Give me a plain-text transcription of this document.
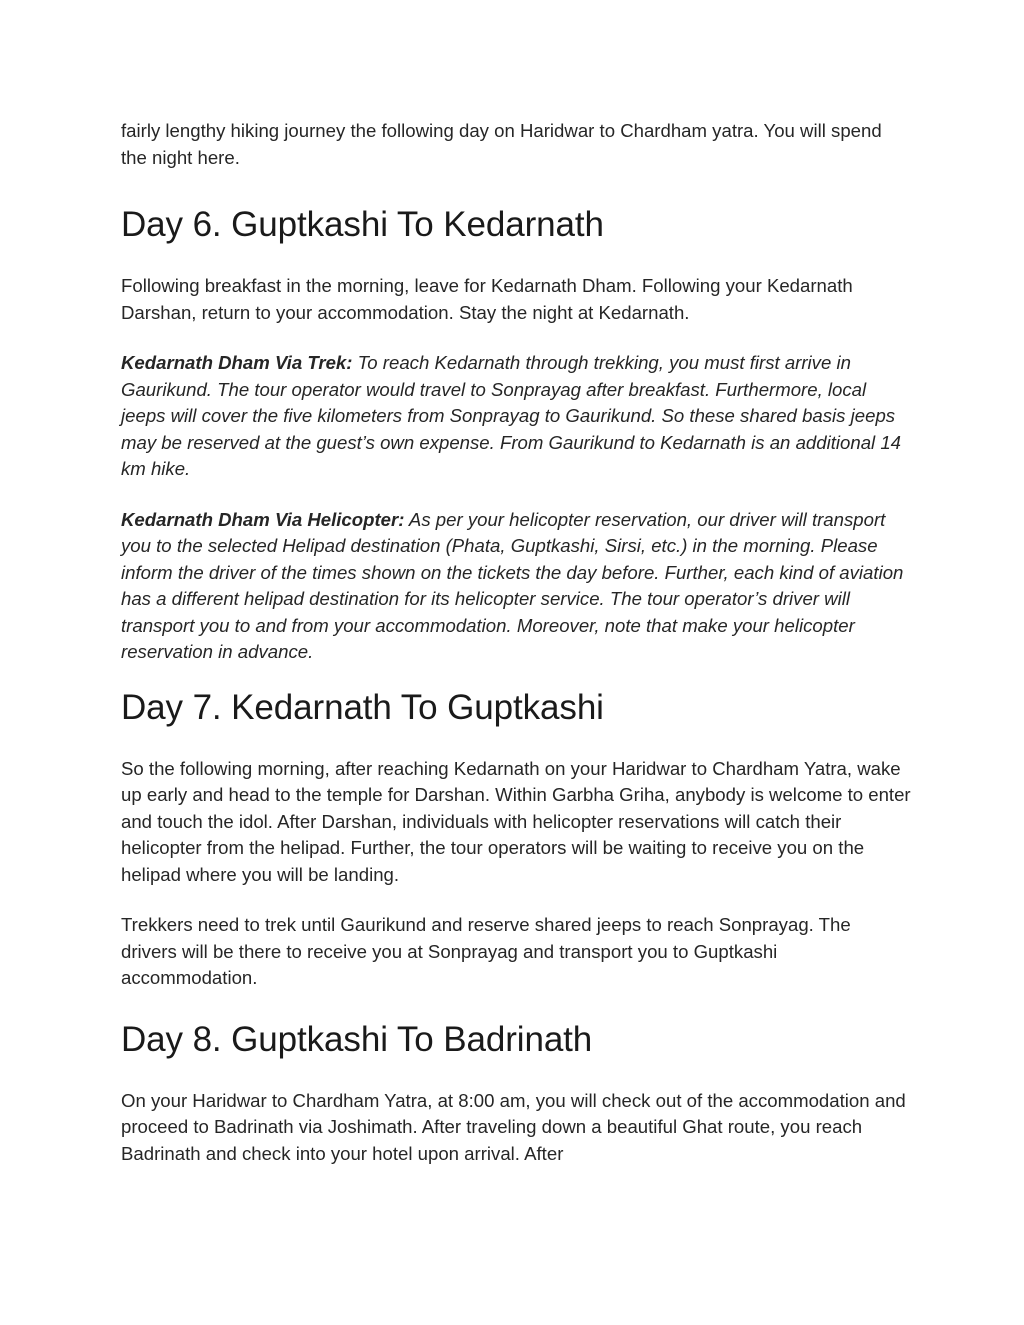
fairly lengthy hiking journey the following day on Haridwar to Chardham yatra. You will spend the night here.

Day 6. Guptkashi To Kedarnath

Following breakfast in the morning, leave for Kedarnath Dham. Following your Kedarnath Darshan, return to your accommodation. Stay the night at Kedarnath.

Kedarnath Dham Via Trek: To reach Kedarnath through trekking, you must first arrive in Gaurikund. The tour operator would travel to Sonprayag after breakfast. Furthermore, local jeeps will cover the five kilometers from Sonprayag to Gaurikund. So these shared basis jeeps may be reserved at the guest’s own expense. From Gaurikund to Kedarnath is an additional 14 km hike.

Kedarnath Dham Via Helicopter: As per your helicopter reservation, our driver will transport you to the selected Helipad destination (Phata, Guptkashi, Sirsi, etc.) in the morning. Please inform the driver of the times shown on the tickets the day before. Further, each kind of aviation has a different helipad destination for its helicopter service. The tour operator’s driver will transport you to and from your accommodation. Moreover, note that make your helicopter reservation in advance.

Day 7. Kedarnath To Guptkashi

So the following morning, after reaching Kedarnath on your Haridwar to Chardham Yatra, wake up early and head to the temple for Darshan. Within Garbha Griha, anybody is welcome to enter and touch the idol. After Darshan, individuals with helicopter reservations will catch their helicopter from the helipad. Further, the tour operators will be waiting to receive you on the helipad where you will be landing.

Trekkers need to trek until Gaurikund and reserve shared jeeps to reach Sonprayag. The drivers will be there to receive you at Sonprayag and transport you to Guptkashi accommodation.

Day 8. Guptkashi To Badrinath

On your Haridwar to Chardham Yatra, at 8:00 am, you will check out of the accommodation and proceed to Badrinath via Joshimath. After traveling down a beautiful Ghat route, you reach Badrinath and check into your hotel upon arrival. After
